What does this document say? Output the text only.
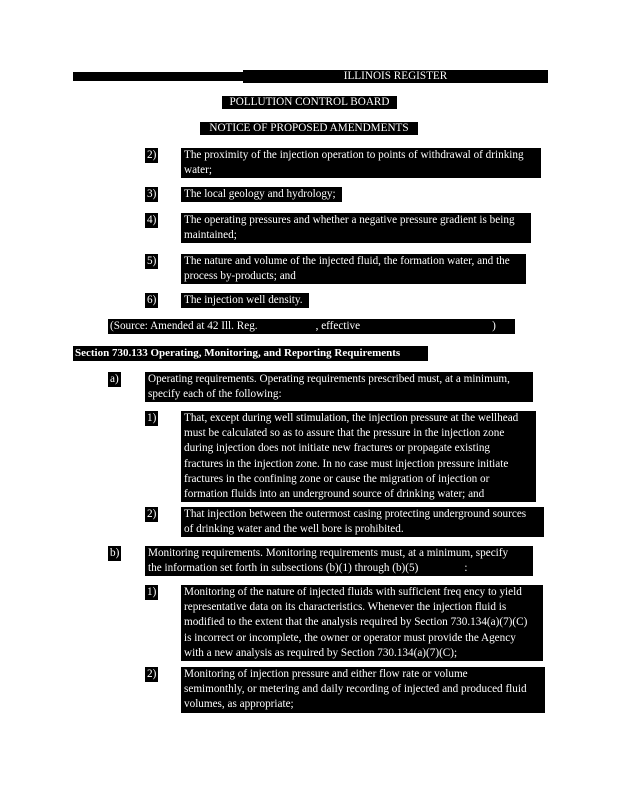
ILLINOIS REGISTER
POLLUTION CONTROL BOARD
NOTICE OF PROPOSED AMENDMENTS
2) The proximity of the injection operation to points of withdrawal of drinking
water;
3) The local geology and hydrology;
4) The operating pressures and whether a negative pressure gradient is being
maintained;
5) The nature and volume of the injected fluid, the formation water, and the
process by-products; and
6) The injection well density.
(Source: Amended at 42 Ill. Reg.	, effective	)
Section 730.133 Operating, Monitoring, and Reporting Requirements
a)	Operating requirements. Operating requirements prescribed must, at a minimum,
specify each of the following:
1) That, except during well stimulation, the injection pressure at the wellhead
must be calculated so as to assure that the pressure in the injection zone
during injection does not initiate new fractures or propagate existing
fractures in the injection zone. In no case must injection pressure initiate
fractures in the confining zone or cause the migration of injection or
formation fluids into an underground source of drinking water; and
2) That injection between the outermost casing protecting underground sources
of drinking water and the well bore is prohibited.
b)	Monitoring requirements. Monitoring requirements must, at a minimum, specify
the information set forth in subsections (b)(1) through (b)(5)	:
1) Monitoring of the nature of injected fluids with sufficient freq ency to yield
representative data on its characteristics. Whenever the injection fluid is
modified to the extent that the analysis required by Section 730.134(a)(7)(C)
is incorrect or incomplete, the owner or operator must provide the Agency
with a new analysis as required by Section 730.134(a)(7)(C);
2) Monitoring of injection pressure and either flow rate or volume
semimonthly, or metering and daily recording of injected and produced fluid
volumes, as appropriate;
